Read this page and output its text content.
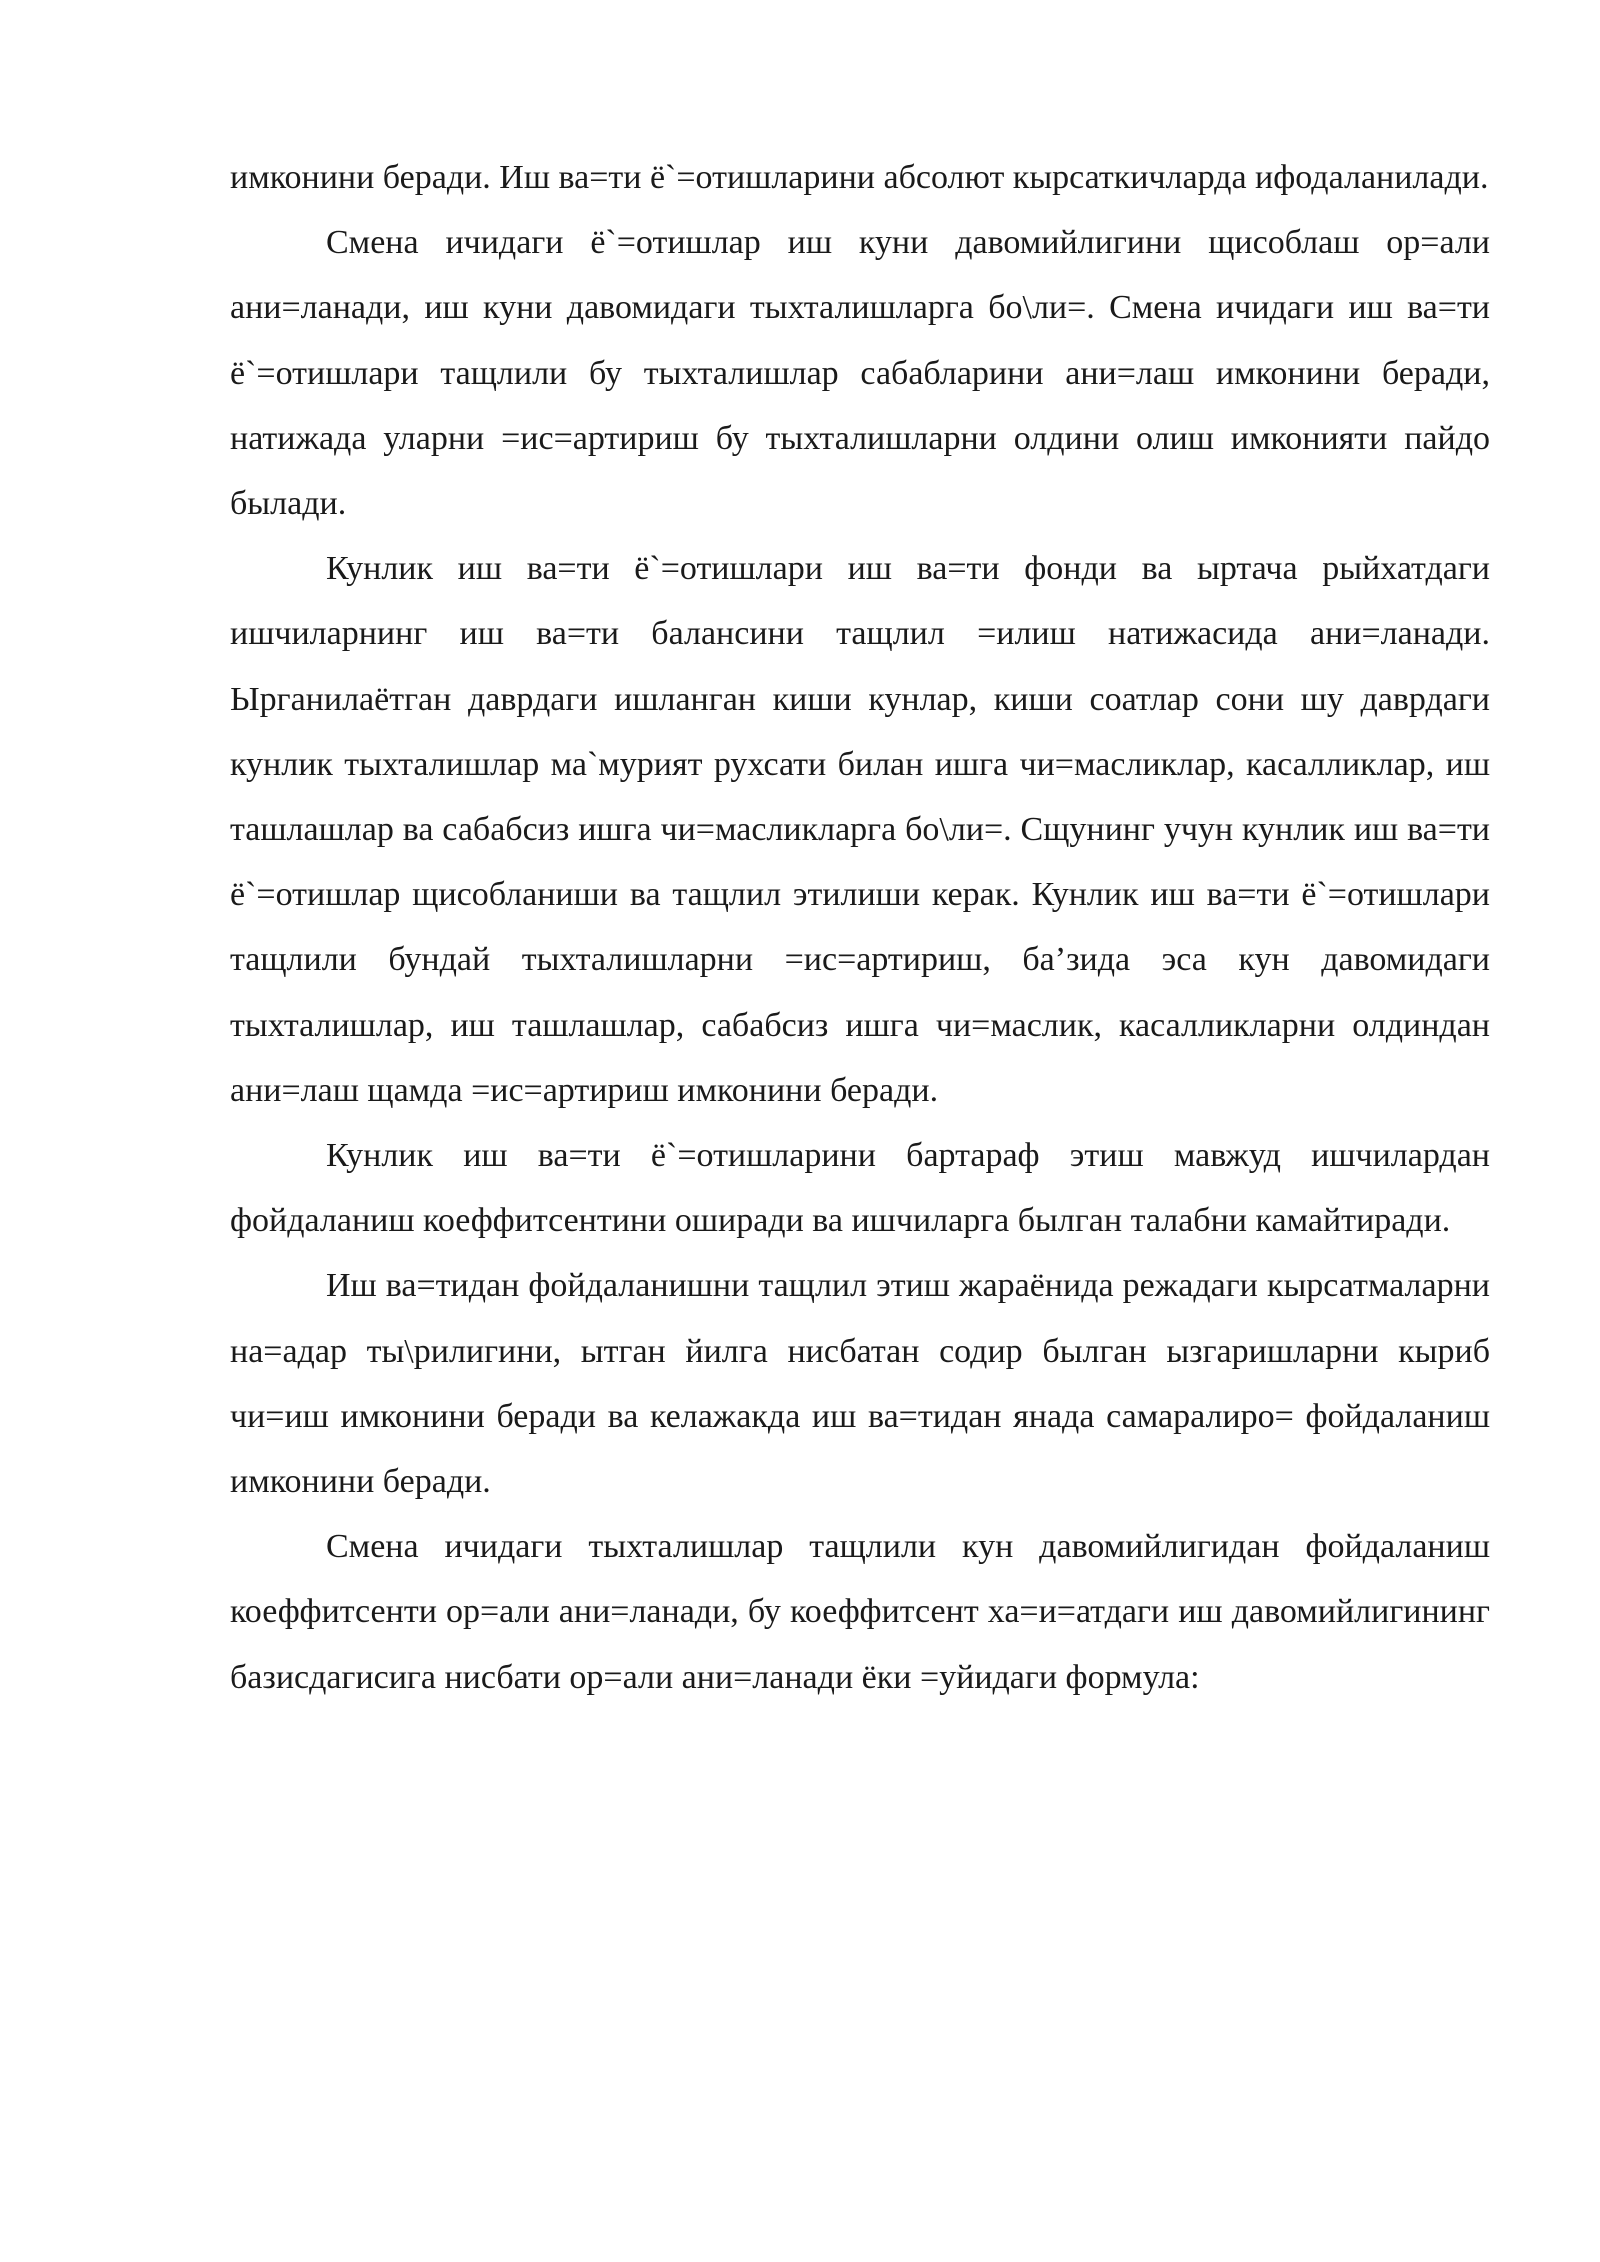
имконини беради. Иш ва=ти ё`=отишларини абсолют кырсаткичларда ифодаланилади.

Смена ичидаги ё`=отишлар иш куни давомийлигини щисоблаш ор=али ани=ланади, иш куни давомидаги тыхталишларга бо\ли=. Смена ичидаги иш ва=ти ё`=отишлари тащлили бу тыхталишлар сабабларини ани=лаш имконини беради, натижада уларни =ис=артириш бу тыхталишларни олдини олиш имконияти пайдо былади.

Кунлик иш ва=ти ё`=отишлари иш ва=ти фонди ва ыртача рыйхатдаги ишчиларнинг иш ва=ти балансини тащлил =илиш натижасида ани=ланади. Ырганилаётган даврдаги ишланган киши кунлар, киши соатлар сони шу даврдаги кунлик тыхталишлар ма`мурият рухсати билан ишга чи=масликлар, касалликлар, иш ташлашлар ва сабабсиз ишга чи=масликларга бо\ли=. Сщунинг учун кунлик иш ва=ти ё`=отишлар щисобланиши ва тащлил этилиши керак. Кунлик иш ва=ти ё`=отишлари тащлили бундай тыхталишларни =ис=артириш, ба’зида эса кун давомидаги тыхталишлар, иш ташлашлар, сабабсиз ишга чи=маслик, касалликларни олдиндан ани=лаш щамда =ис=артириш имконини беради.

Кунлик иш ва=ти ё`=отишларини бартараф этиш мавжуд ишчилардан фойдаланиш коеффитсентини оширади ва ишчиларга былган талабни камайтиради.

Иш ва=тидан фойдаланишни тащлил этиш жараёнида режадаги кырсатмаларни на=адар ты\рилигини, ытган йилга нисбатан содир былган ызгаришларни кыриб чи=иш имконини беради ва келажакда иш ва=тидан янада самаралиро= фойдаланиш имконини беради.

Смена ичидаги тыхталишлар тащлили кун давомийлигидан фойдаланиш коеффитсенти ор=али ани=ланади, бу коеффитсент ха=и=атдаги иш давомийлигининг базисдагисига нисбати ор=али ани=ланади ёки =уйидаги формула:
